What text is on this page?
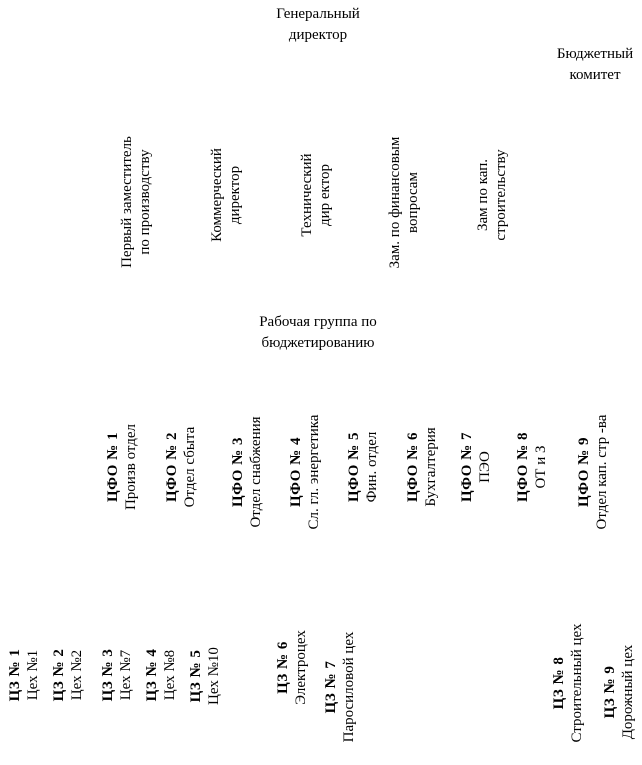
Генеральный директор
Бюджетный комитет
Первый заместитель по производству	Коммерческий директор	Технический дир ектор	Зам. по финансовым вопросам	Зам по кап. строительству
Рабочая группа по бюджетированию
ЦФО № 1 Произв отдел ЦФО № 2 Отдел сбыта ЦФО № 3 Отдел снабжения ЦФО № 4 Сл. гл. энергетика ЦФО № 5 Фин. отдел ЦФО № 6 Бухгалтерия ЦФО № 7 ПЭО ЦФО № 8 ОТ и З ЦФО № 9 Отдел кап. стр -ва
ЦЗ № 1 Цех №1 ЦЗ № 2 Цех №2 ЦЗ № 3 Цех №7 ЦЗ № 4 Цех №8 ЦЗ № 5 Цех №10	ЦЗ № 6 Электроцех ЦЗ № 7 Паросиловой цех	ЦЗ № 8 Строительный цех ЦЗ № 9 Дорожный цех
